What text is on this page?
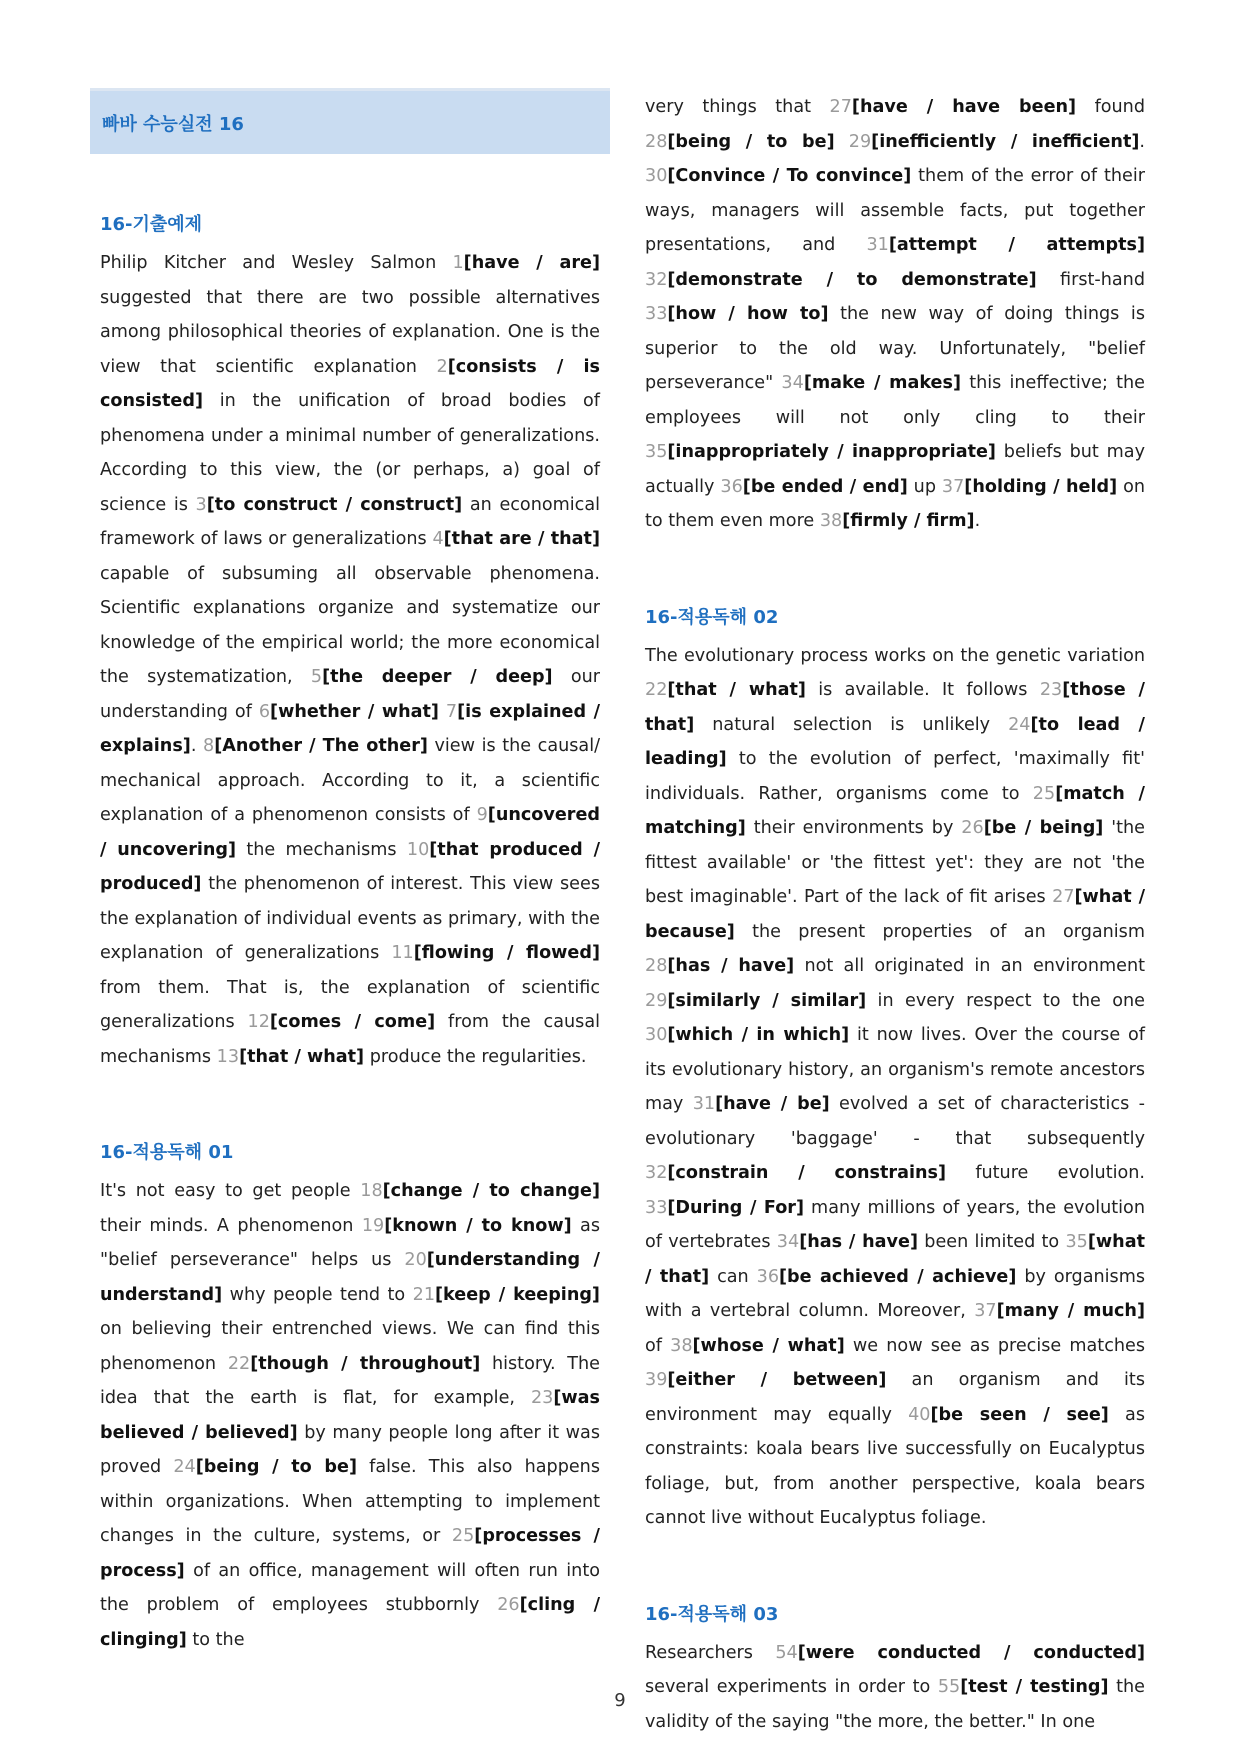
빠바 수능실전 16
16-기출예제

Philip Kitcher and Wesley Salmon 1[have / are] suggested that there are two possible alternatives among philosophical theories of explanation. One is the view that scientific explanation 2[consists / is consisted] in the unification of broad bodies of phenomena under a minimal number of generalizations. According to this view, the (or perhaps, a) goal of science is 3[to construct / construct] an economical framework of laws or generalizations 4[that are / that] capable of subsuming all observable phenomena. Scientific explanations organize and systematize our knowledge of the empirical world; the more economical the systematization, 5[the deeper / deep] our understanding of 6[whether / what] 7[is explained / explains]. 8[Another / The other] view is the causal/ mechanical approach. According to it, a scientific explanation of a phenomenon consists of 9[uncovered / uncovering] the mechanisms 10[that produced / produced] the phenomenon of interest. This view sees the explanation of individual events as primary, with the explanation of generalizations 11[flowing / flowed] from them. That is, the explanation of scientific generalizations 12[comes / come] from the causal mechanisms 13[that / what] produce the regularities.

16-적용독해 01

It's not easy to get people 18[change / to change] their minds. A phenomenon 19[known / to know] as "belief perseverance" helps us 20[understanding / understand] why people tend to 21[keep / keeping] on believing their entrenched views. We can find this phenomenon 22[though / throughout] history. The idea that the earth is flat, for example, 23[was believed / believed] by many people long after it was proved 24[being / to be] false. This also happens within organizations. When attempting to implement changes in the culture, systems, or 25[processes / process] of an office, management will often run into the problem of employees stubbornly 26[cling / clinging] to the

very things that 27[have / have been] found 28[being / to be] 29[inefficiently / inefficient]. 30[Convince / To convince] them of the error of their ways, managers will assemble facts, put together presentations, and 31[attempt / attempts] 32[demonstrate / to demonstrate] first-hand 33[how / how to] the new way of doing things is superior to the old way. Unfortunately, "belief perseverance" 34[make / makes] this ineffective; the employees will not only cling to their 35[inappropriately / inappropriate] beliefs but may actually 36[be ended / end] up 37[holding / held] on to them even more 38[firmly / firm].

16-적용독해 02

The evolutionary process works on the genetic variation 22[that / what] is available. It follows 23[those / that] natural selection is unlikely 24[to lead / leading] to the evolution of perfect, 'maximally fit' individuals. Rather, organisms come to 25[match / matching] their environments by 26[be / being] 'the fittest available' or 'the fittest yet': they are not 'the best imaginable'. Part of the lack of fit arises 27[what / because] the present properties of an organism 28[has / have] not all originated in an environment 29[similarly / similar] in every respect to the one 30[which / in which] it now lives. Over the course of its evolutionary history, an organism's remote ancestors may 31[have / be] evolved a set of characteristics - evolutionary 'baggage' - that subsequently 32[constrain / constrains] future evolution. 33[During / For] many millions of years, the evolution of vertebrates 34[has / have] been limited to 35[what / that] can 36[be achieved / achieve] by organisms with a vertebral column. Moreover, 37[many / much] of 38[whose / what] we now see as precise matches 39[either / between] an organism and its environment may equally 40[be seen / see] as constraints: koala bears live successfully on Eucalyptus foliage, but, from another perspective, koala bears cannot live without Eucalyptus foliage.

16-적용독해 03

Researchers 54[were conducted / conducted] several experiments in order to 55[test / testing] the validity of the saying "the more, the better." In one

9
